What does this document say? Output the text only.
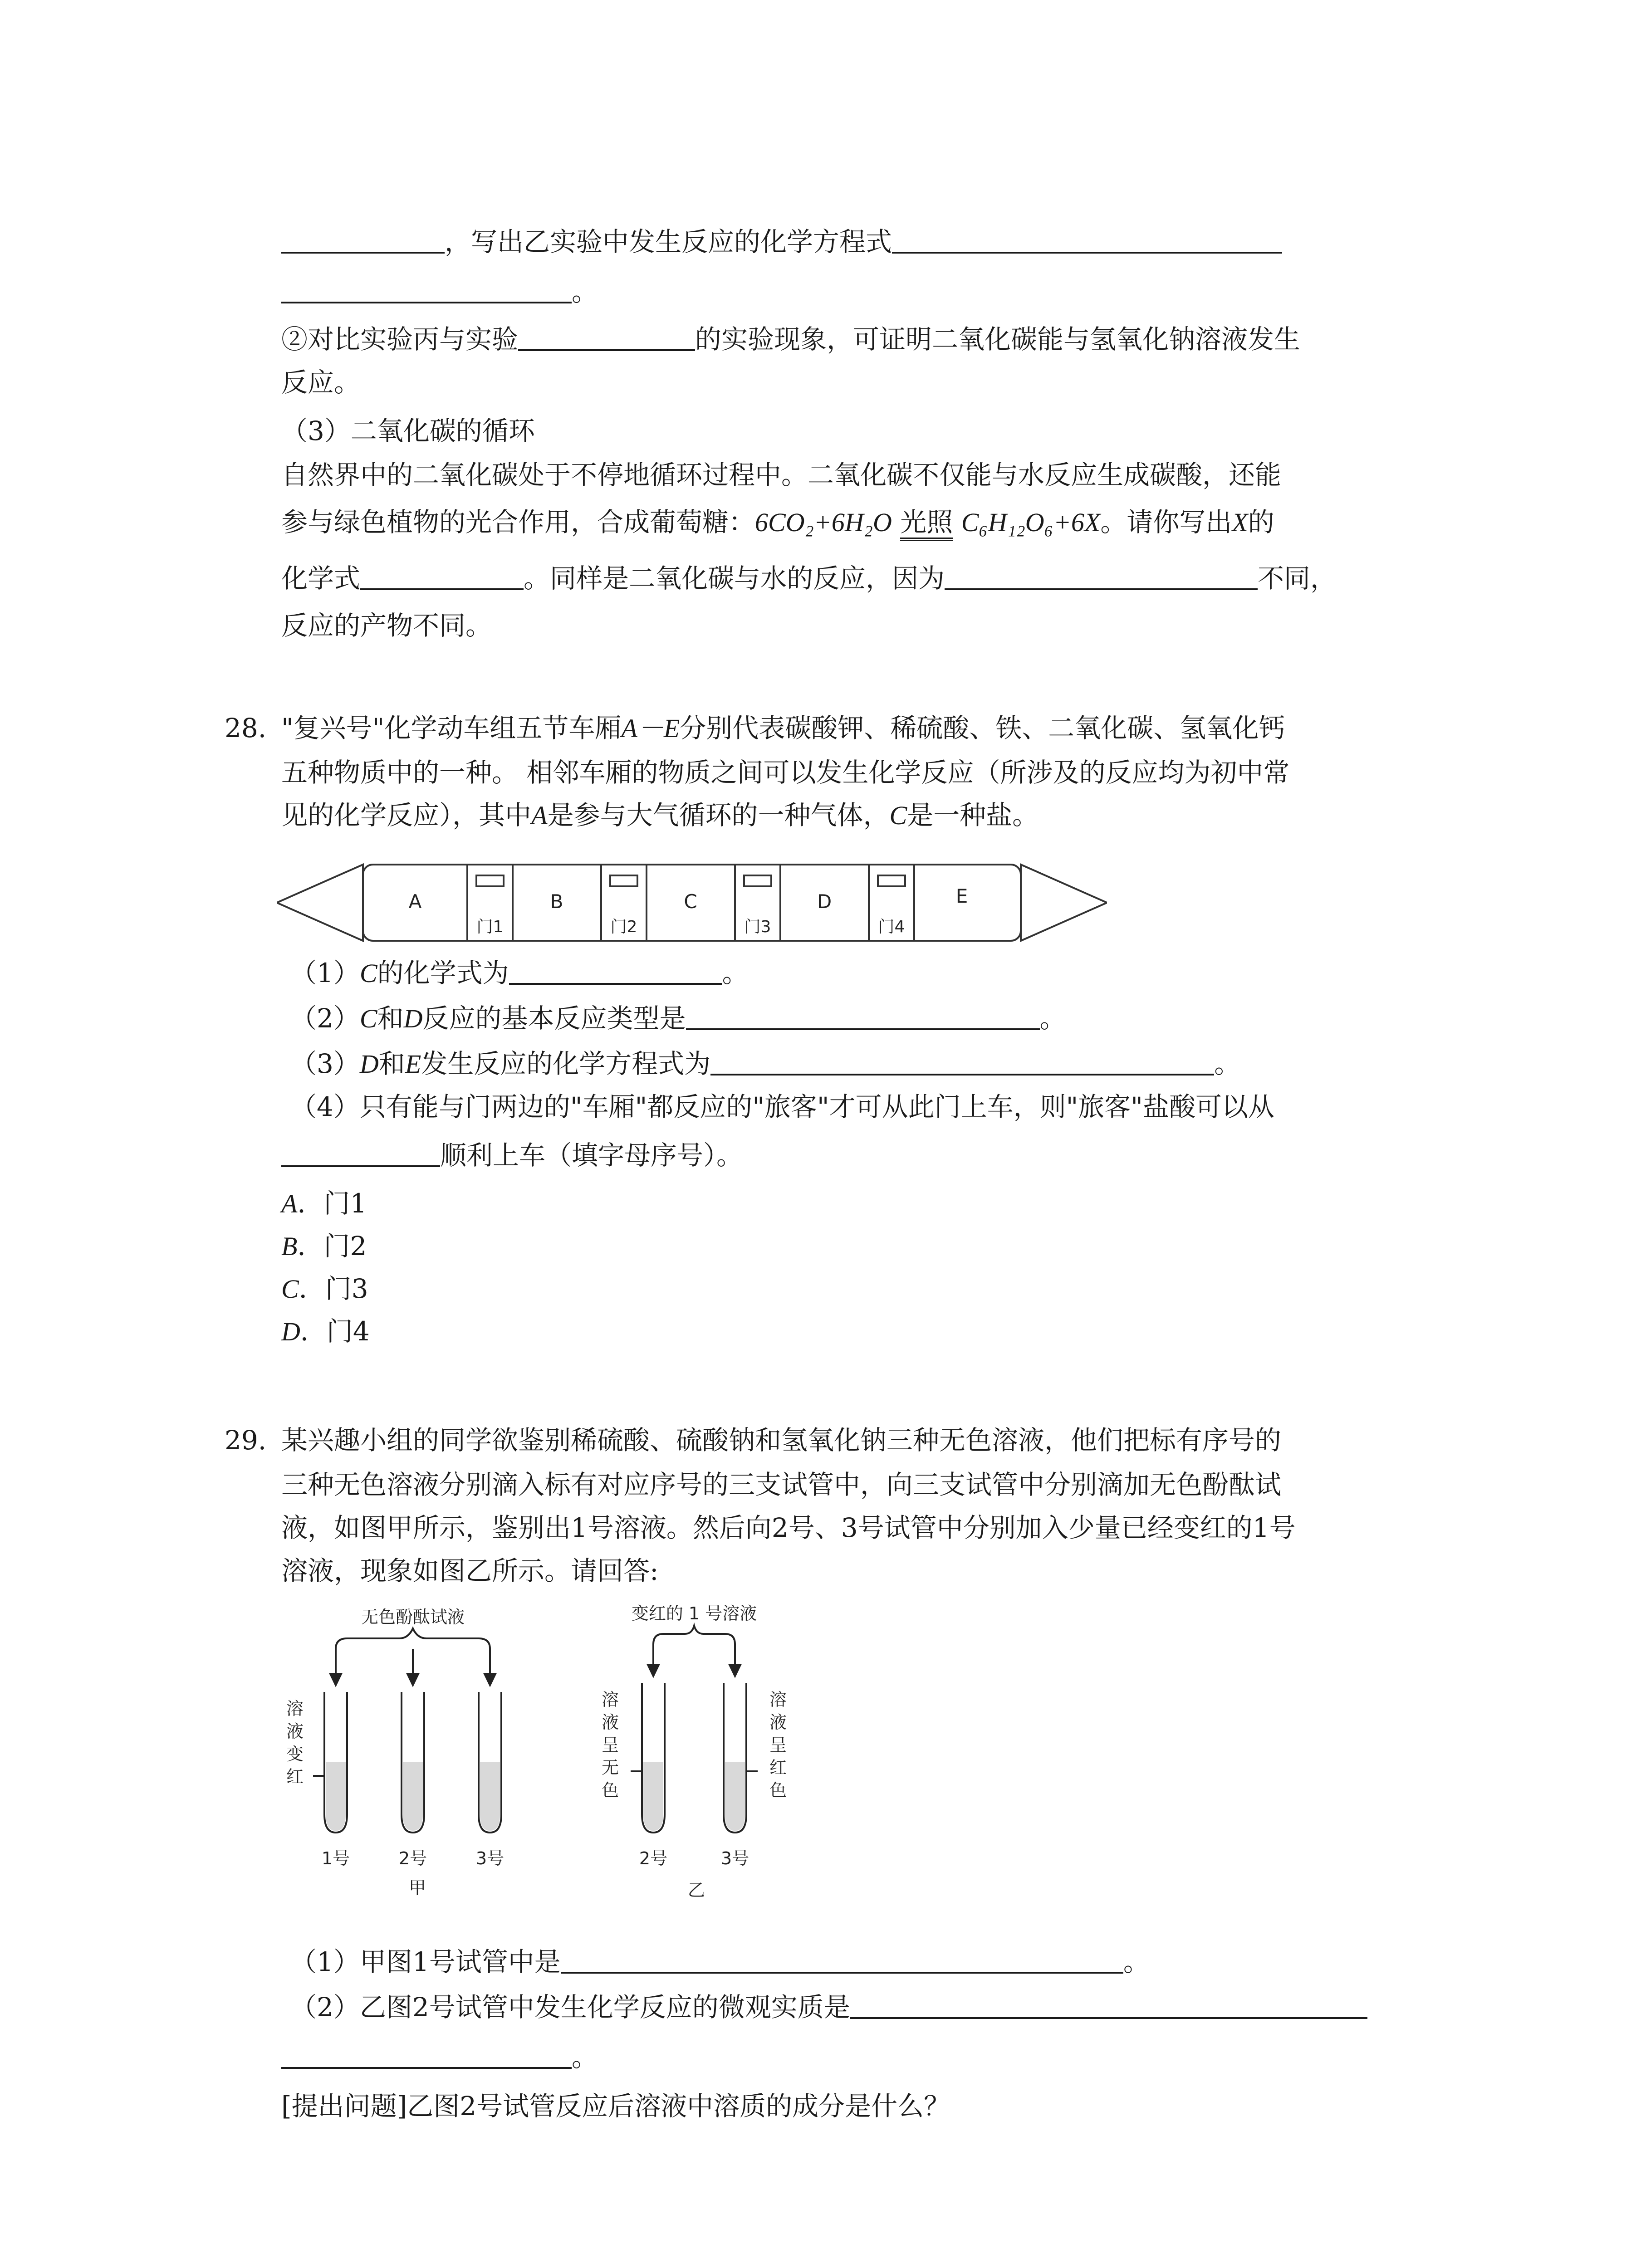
，写出乙实验中发生反应的化学方程式
。
②对比实验丙与实验	的实验现象，可证明二氧化碳能与氢氧化钠溶液发生
反应。
（3）二氧化碳的循环
自然界中的二氧化碳处于不停地循环过程中。二氧化碳不仅能与水反应生成碳酸，还能
参与绿色植物的光合作用，合成葡萄糖：6CO₂+6H₂O 光照 C₆H₁₂O₆+6X。请你写出X的
化学式	。同样是二氧化碳与水的反应，因为	不同，
反应的产物不同。
28. "复兴号"化学动车组五节车厢A－E分别代表碳酸钾、稀硫酸、铁、二氧化碳、氢氧化钙
五种物质中的一种。 相邻车厢的物质之间可以发生化学反应（所涉及的反应均为初中常
见的化学反应），其中A是参与大气循环的一种气体，C是一种盐。
A	B	C	D	E
门1	门2	门3	门4
（1）C的化学式为	。
（2）C和D反应的基本反应类型是	。
（3）D和E发生反应的化学方程式为	。
（4）只有能与门两边的"车厢"都反应的"旅客"才可从此门上车，则"旅客"盐酸可以从
顺利上车（填字母序号）。
A．门1
B．门2
C．门3
D．门4
29. 某兴趣小组的同学欲鉴别稀硫酸、硫酸钠和氢氧化钠三种无色溶液，他们把标有序号的
三种无色溶液分别滴入标有对应序号的三支试管中，向三支试管中分别滴加无色酚酞试
液，如图甲所示，鉴别出1号溶液。然后向2号、3号试管中分别加入少量已经变红的1号
溶液，现象如图乙所示。请回答:
无色酚酞试液
溶
液
变
红
1号	2号	3号
甲
变红的 1 号溶液
溶
液
呈
无
色
溶
液
呈
红
色
2号	3号
乙
（1）甲图1号试管中是	。
（2）乙图2号试管中发生化学反应的微观实质是
。
[提出问题]乙图2号试管反应后溶液中溶质的成分是什么？
